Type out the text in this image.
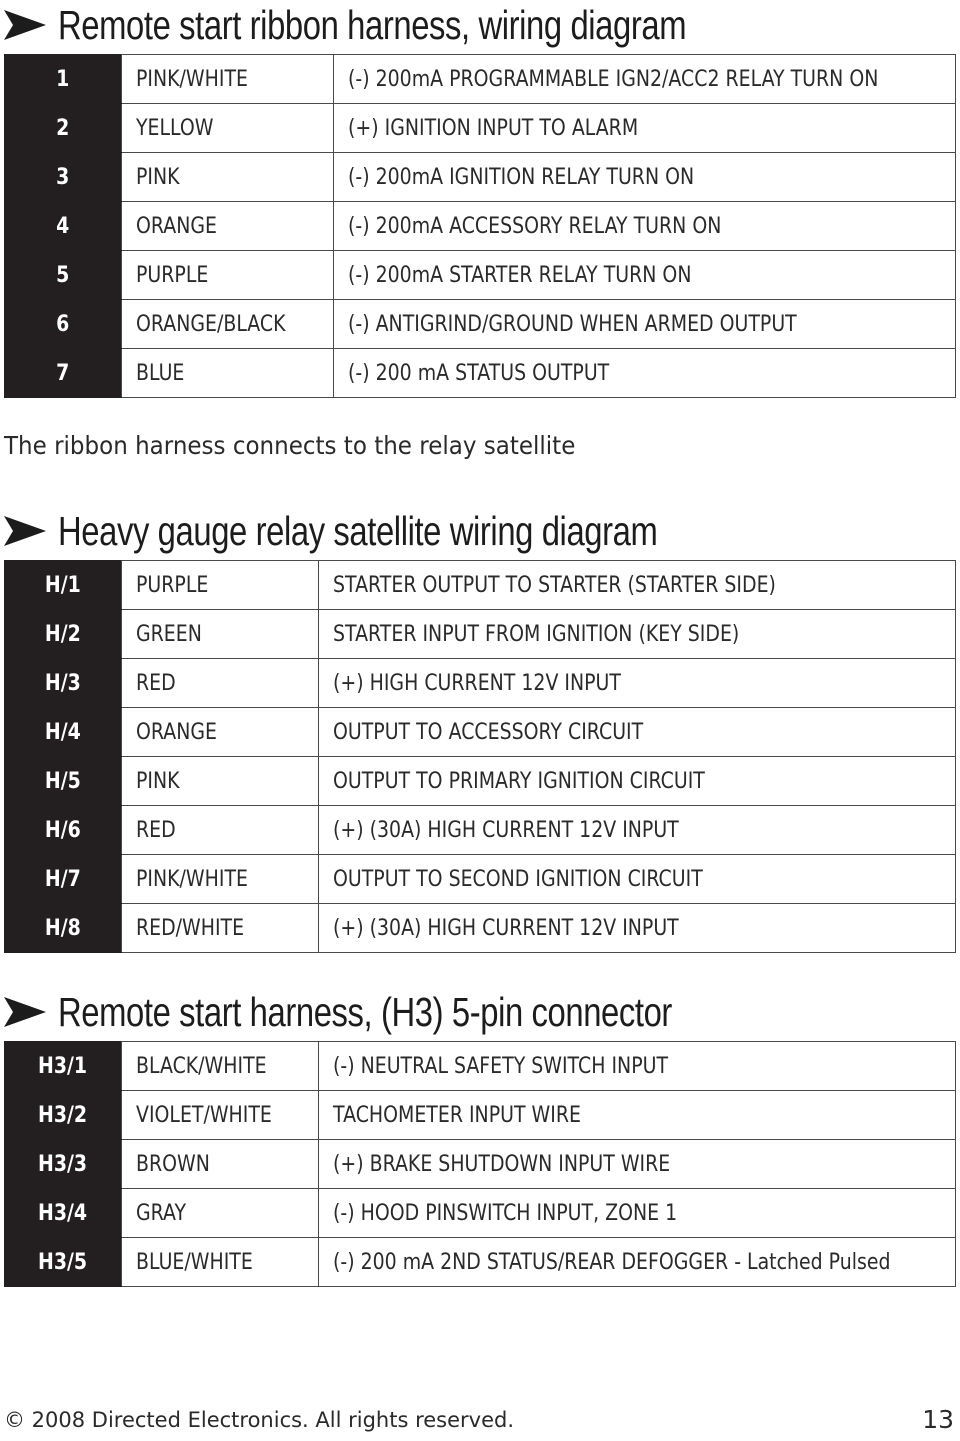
Remote start ribbon harness, wiring diagram
1	PINK/WHITE	(-) 200mA PROGRAMMABLE IGN2/ACC2 RELAY TURN ON
2	YELLOW	(+) IGNITION INPUT TO ALARM
3	PINK	(-) 200mA IGNITION RELAY TURN ON
4	ORANGE	(-) 200mA ACCESSORY RELAY TURN ON
5	PURPLE	(-) 200mA STARTER RELAY TURN ON
6	ORANGE/BLACK	(-) ANTIGRIND/GROUND WHEN ARMED OUTPUT
7	BLUE	(-) 200 mA STATUS OUTPUT
The ribbon harness connects to the relay satellite
Heavy gauge relay satellite wiring diagram
H/1	PURPLE	STARTER OUTPUT TO STARTER (STARTER SIDE)
H/2	GREEN	STARTER INPUT FROM IGNITION (KEY SIDE)
H/3	RED	(+) HIGH CURRENT 12V INPUT
H/4	ORANGE	OUTPUT TO ACCESSORY CIRCUIT
H/5	PINK	OUTPUT TO PRIMARY IGNITION CIRCUIT
H/6	RED	(+) (30A) HIGH CURRENT 12V INPUT
H/7	PINK/WHITE	OUTPUT TO SECOND IGNITION CIRCUIT
H/8	RED/WHITE	(+) (30A) HIGH CURRENT 12V INPUT
Remote start harness, (H3) 5-pin connector
H3/1	BLACK/WHITE	(-) NEUTRAL SAFETY SWITCH INPUT
H3/2	VIOLET/WHITE	TACHOMETER INPUT WIRE
H3/3	BROWN	(+) BRAKE SHUTDOWN INPUT WIRE
H3/4	GRAY	(-) HOOD PINSWITCH INPUT, ZONE 1
H3/5	BLUE/WHITE	(-) 200 mA 2ND STATUS/REAR DEFOGGER - Latched Pulsed
© 2008 Directed Electronics. All rights reserved.	13
